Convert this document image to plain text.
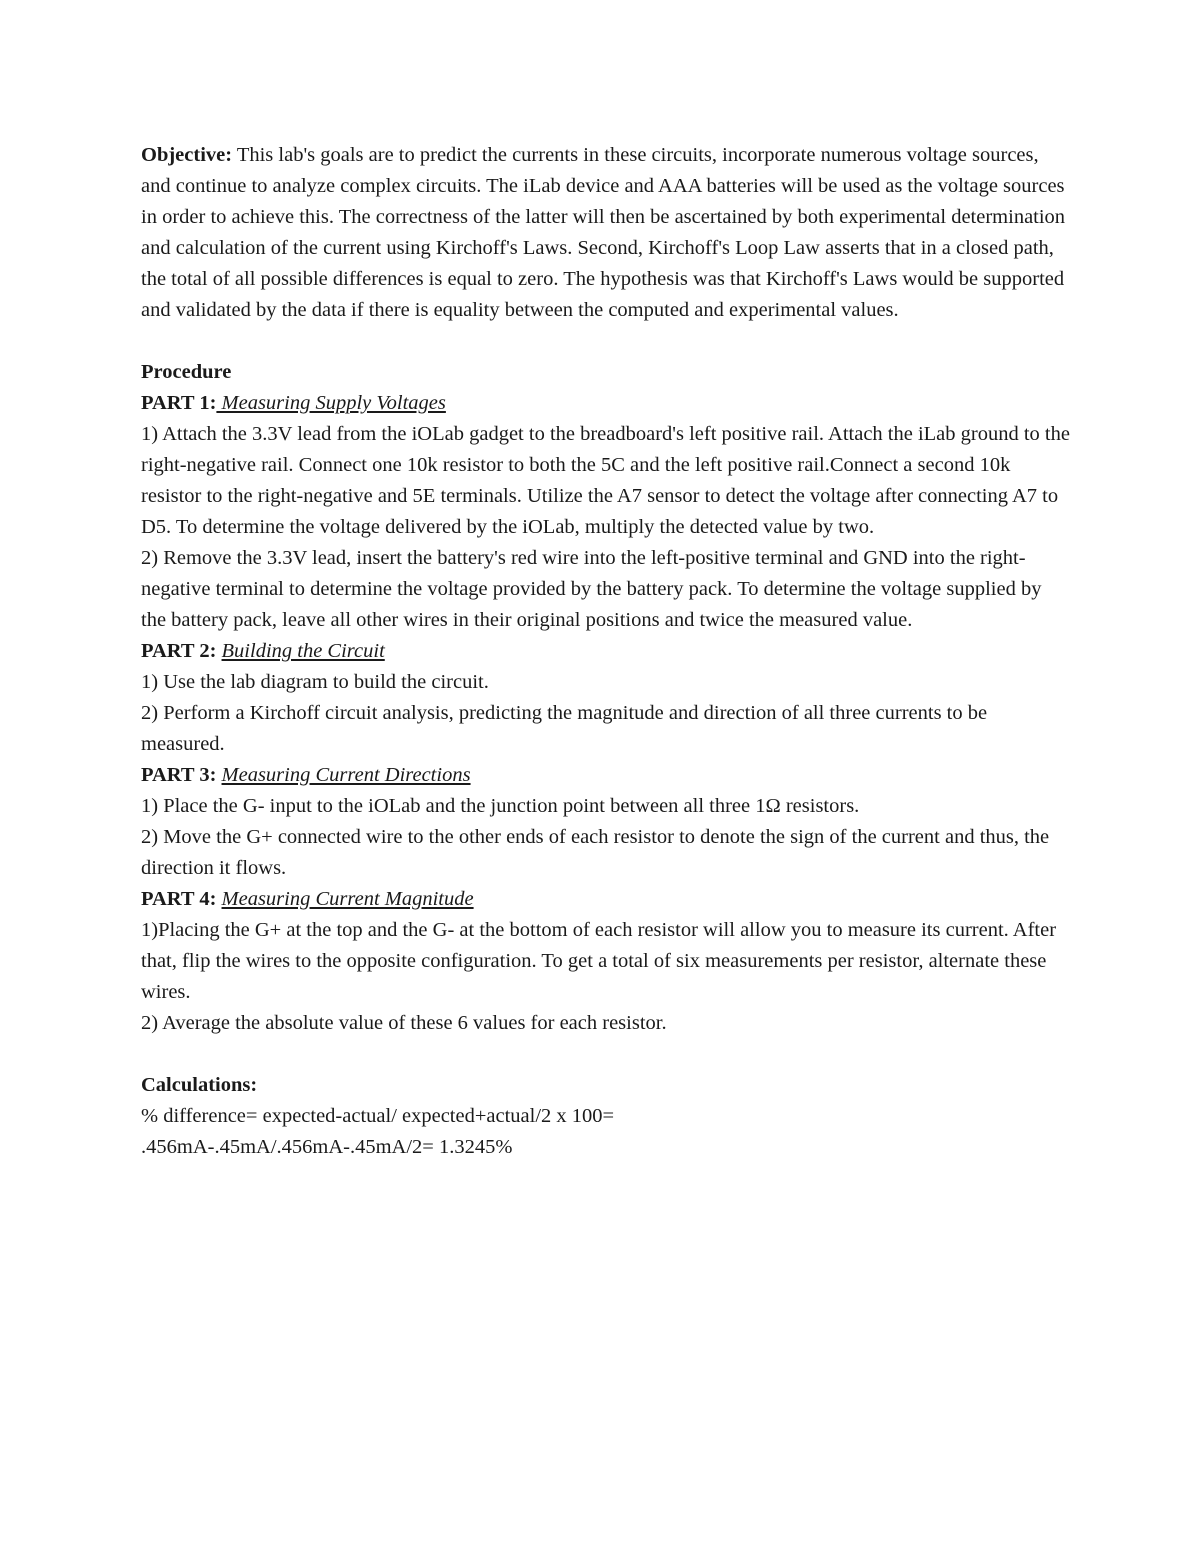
Objective: This lab's goals are to predict the currents in these circuits, incorporate numerous voltage sources, and continue to analyze complex circuits. The iLab device and AAA batteries will be used as the voltage sources in order to achieve this. The correctness of the latter will then be ascertained by both experimental determination and calculation of the current using Kirchoff's Laws. Second, Kirchoff's Loop Law asserts that in a closed path, the total of all possible differences is equal to zero. The hypothesis was that Kirchoff's Laws would be supported and validated by the data if there is equality between the computed and experimental values.

Procedure

PART 1: Measuring Supply Voltages

1) Attach the 3.3V lead from the iOLab gadget to the breadboard's left positive rail. Attach the iLab ground to the right-negative rail. Connect one 10k resistor to both the 5C and the left positive rail.Connect a second 10k resistor to the right-negative and 5E terminals. Utilize the A7 sensor to detect the voltage after connecting A7 to D5. To determine the voltage delivered by the iOLab, multiply the detected value by two.

2) Remove the 3.3V lead, insert the battery's red wire into the left-positive terminal and GND into the right-negative terminal to determine the voltage provided by the battery pack. To determine the voltage supplied by the battery pack, leave all other wires in their original positions and twice the measured value.

PART 2: Building the Circuit

1) Use the lab diagram to build the circuit.

2) Perform a Kirchoff circuit analysis, predicting the magnitude and direction of all three currents to be measured.

PART 3: Measuring Current Directions

1) Place the G- input to the iOLab and the junction point between all three 1Ω resistors.

2) Move the G+ connected wire to the other ends of each resistor to denote the sign of the current and thus, the direction it flows.

PART 4: Measuring Current Magnitude

1)Placing the G+ at the top and the G- at the bottom of each resistor will allow you to measure its current. After that, flip the wires to the opposite configuration. To get a total of six measurements per resistor, alternate these wires.

2) Average the absolute value of these 6 values for each resistor.

Calculations:

% difference= expected-actual/ expected+actual/2 x 100=

.456mA-.45mA/.456mA-.45mA/2= 1.3245%
